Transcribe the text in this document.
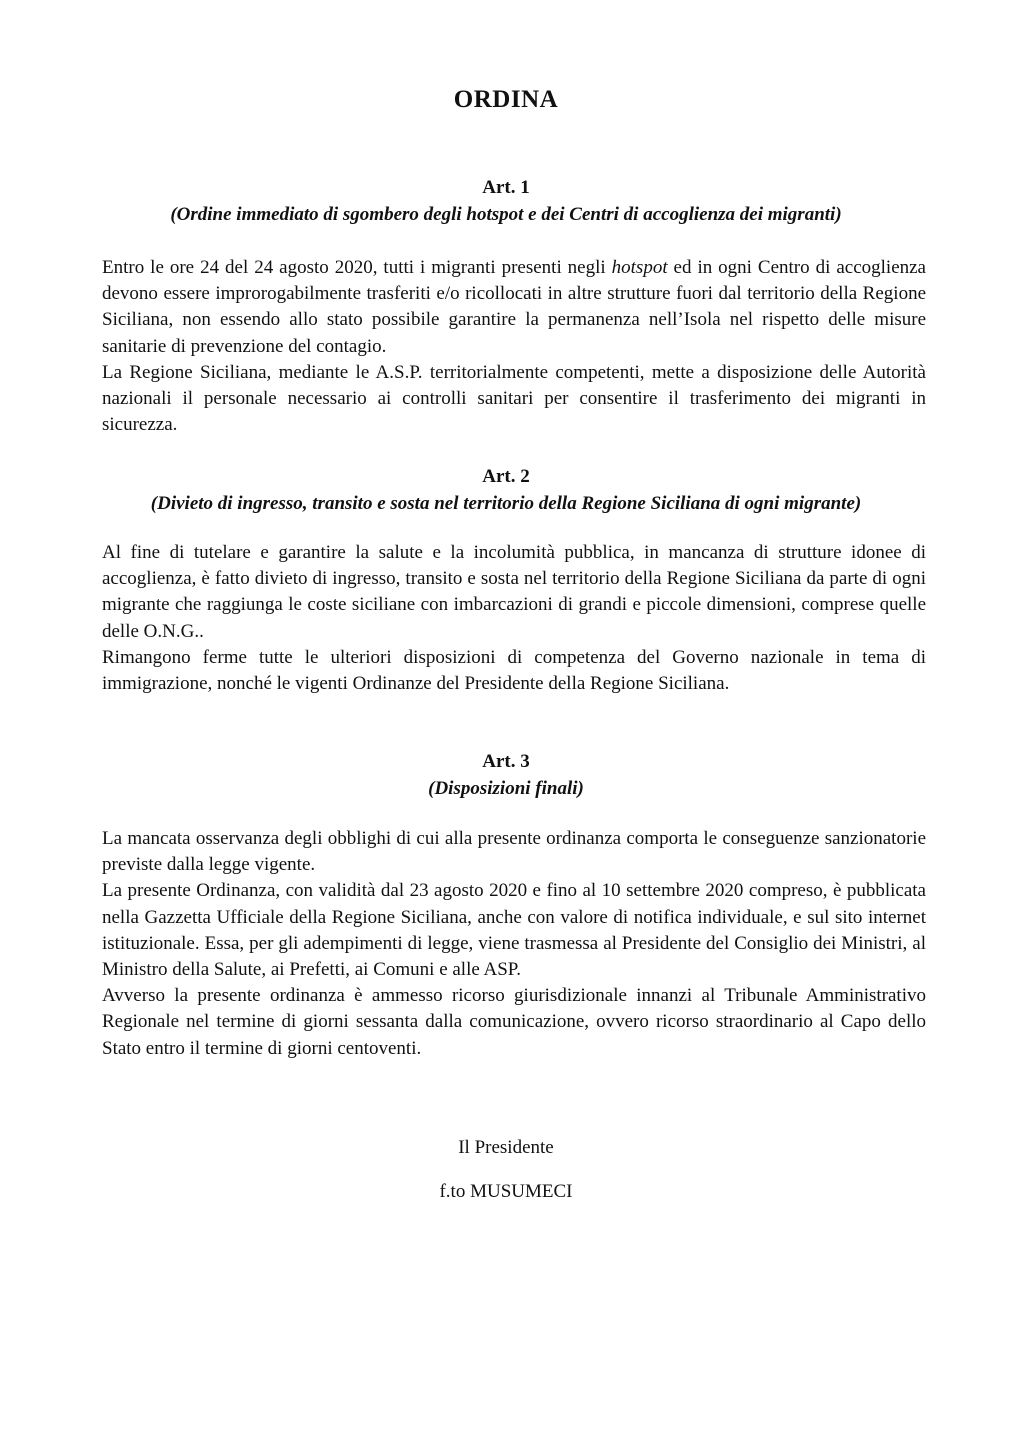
ORDINA
Art. 1
(Ordine immediato di sgombero degli hotspot e dei Centri di accoglienza dei migranti)

Entro le ore 24 del 24 agosto 2020, tutti i migranti presenti negli hotspot ed in ogni Centro di accoglienza devono essere improrogabilmente trasferiti e/o ricollocati in altre strutture fuori dal territorio della Regione Siciliana, non essendo allo stato possibile garantire la permanenza nell’Isola nel rispetto delle misure sanitarie di prevenzione del contagio.

La Regione Siciliana, mediante le A.S.P. territorialmente competenti, mette a disposizione delle Autorità nazionali il personale necessario ai controlli sanitari per consentire il trasferimento dei migranti in sicurezza.

Art. 2
(Divieto di ingresso, transito e sosta nel territorio della Regione Siciliana di ogni migrante)

Al fine di tutelare e garantire la salute e la incolumità pubblica, in mancanza di strutture idonee di accoglienza, è fatto divieto di ingresso, transito e sosta nel territorio della Regione Siciliana da parte di ogni migrante che raggiunga le coste siciliane con imbarcazioni di grandi e piccole dimensioni, comprese quelle delle O.N.G..

Rimangono ferme tutte le ulteriori disposizioni di competenza del Governo nazionale in tema di immigrazione, nonché le vigenti Ordinanze del Presidente della Regione Siciliana.

Art. 3
(Disposizioni finali)

La mancata osservanza degli obblighi di cui alla presente ordinanza comporta le conseguenze sanzionatorie previste dalla legge vigente.

La presente Ordinanza, con validità dal 23 agosto 2020 e fino al 10 settembre 2020 compreso, è pubblicata nella Gazzetta Ufficiale della Regione Siciliana, anche con valore di notifica individuale, e sul sito internet istituzionale. Essa, per gli adempimenti di legge, viene trasmessa al Presidente del Consiglio dei Ministri, al Ministro della Salute, ai Prefetti, ai Comuni e alle ASP.

Avverso la presente ordinanza è ammesso ricorso giurisdizionale innanzi al Tribunale Amministrativo Regionale nel termine di giorni sessanta dalla comunicazione, ovvero ricorso straordinario al Capo dello Stato entro il termine di giorni centoventi.

Il Presidente
f.to MUSUMECI
